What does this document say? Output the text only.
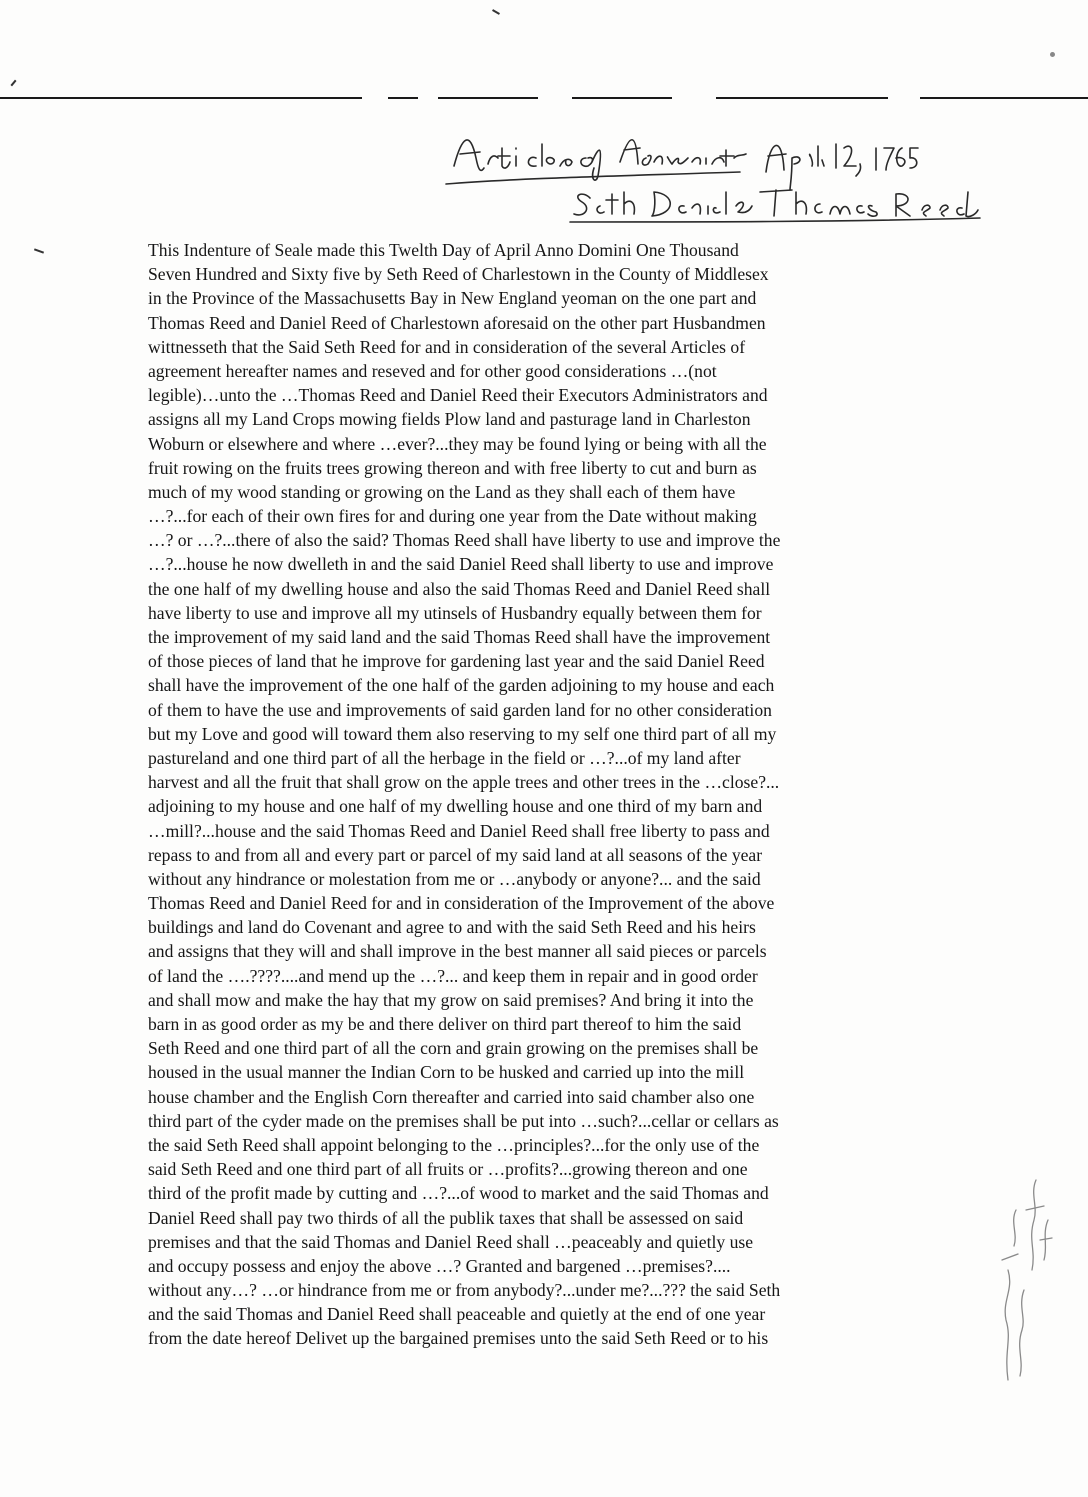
This Indenture of Seale made this Twelth Day of April Anno Domini One Thousand
Seven Hundred and Sixty five by Seth Reed of Charlestown in the County of Middlesex
in the Province of the Massachusetts Bay in New England yeoman on the one part and
Thomas Reed and Daniel Reed of Charlestown aforesaid on the other part Husbandmen
wittnesseth that the Said Seth Reed for and in consideration of the several Articles of
agreement hereafter names and reseved and for other good considerations …(not
legible)…unto the …Thomas Reed and Daniel Reed their Executors Administrators and
assigns all my Land Crops mowing fields Plow land and pasturage land in Charleston
Woburn or elsewhere and where …ever?...they may be found lying or being with all the
fruit rowing on the fruits trees growing thereon and with free liberty to cut and burn as
much of my wood standing or growing on the Land as they shall each of them have
…?...for each of their own fires for and during one year from the Date without making
…? or …?...there of also the said? Thomas Reed shall have liberty to use and improve the
…?...house he now dwelleth in and the said Daniel Reed shall liberty to use and improve
the one half of my dwelling house and also the said Thomas Reed and Daniel Reed shall
have liberty to use and improve all my utinsels of Husbandry equally between them for
the improvement of my said land and the said Thomas Reed shall have the improvement
of those pieces of land that he improve for gardening last year and the said Daniel Reed
shall have the improvement of the one half of the garden adjoining to my house and each
of them to have the use and improvements of said garden land for no other consideration
but my Love and good will toward them also reserving to my self one third part of all my
pastureland and one third part of all the herbage in the field or …?...of my land after
harvest and all the fruit that shall grow on the apple trees and other trees in the …close?...
adjoining to my house and one half of my dwelling house and one third of my barn and
…mill?...house and the said Thomas Reed and Daniel Reed shall free liberty to pass and
repass to and from all and every part or parcel of my said land at all seasons of the year
without any hindrance or molestation from me or …anybody or anyone?... and the said
Thomas Reed and Daniel Reed for and in consideration of the Improvement of the above
buildings and land do Covenant and agree to and with the said Seth Reed and his heirs
and assigns that they will and shall improve in the best manner all said pieces or parcels
of land the ….????....and mend up the …?... and keep them in repair and in good order
and shall mow and make the hay that my grow on said premises? And bring it into the
barn in as good order as my be and there deliver on third part thereof to him the said
Seth Reed and one third part of all the corn and grain growing on the premises shall be
housed in the usual manner the Indian Corn to be husked and carried up into the mill
house chamber and the English Corn thereafter and carried into said chamber also one
third part of the cyder made on the premises shall be put into …such?...cellar or cellars as
the said Seth Reed shall appoint belonging to the …principles?...for the only use of the
said Seth Reed and one third part of all fruits or …profits?...growing thereon and one
third of the profit made by cutting and …?...of wood to market and the said Thomas and
Daniel Reed shall pay two thirds of all the publik taxes that shall be assessed on said
premises and that the said Thomas and Daniel Reed shall …peaceably and quietly use
and occupy possess and enjoy the above …? Granted and bargened …premises?....
without any…? …or hindrance from me or from anybody?...under me?...??? the said Seth
and the said Thomas and Daniel Reed shall peaceable and quietly at the end of one year
from the date hereof Delivet up the bargained premises unto the said Seth Reed or to his
